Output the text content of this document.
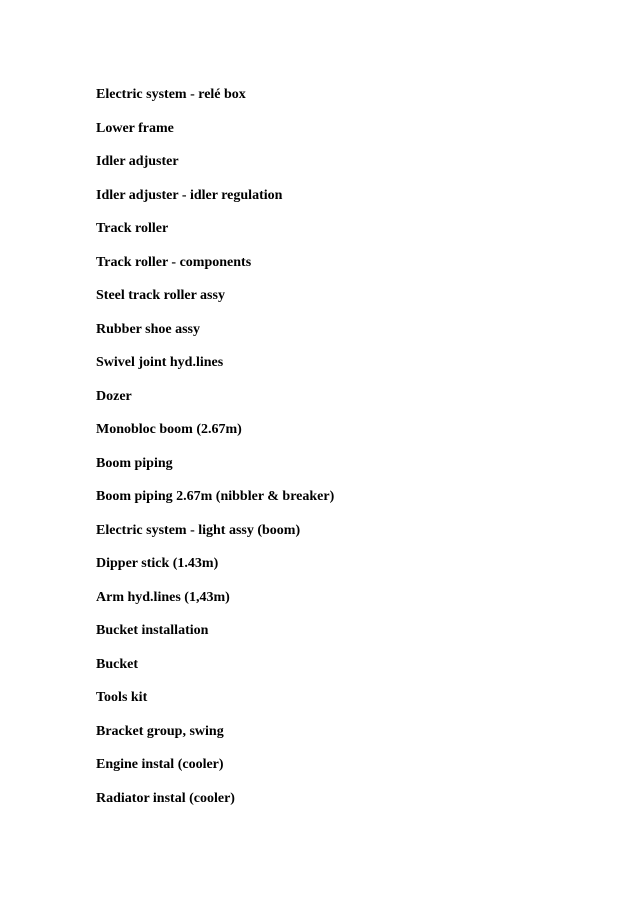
Electric system - relé box
Lower frame
Idler adjuster
Idler adjuster - idler regulation
Track roller
Track roller - components
Steel track roller assy
Rubber shoe assy
Swivel joint hyd.lines
Dozer
Monobloc boom (2.67m)
Boom piping
Boom piping 2.67m (nibbler & breaker)
Electric system - light assy (boom)
Dipper stick (1.43m)
Arm hyd.lines (1,43m)
Bucket installation
Bucket
Tools kit
Bracket group, swing
Engine instal (cooler)
Radiator instal (cooler)
